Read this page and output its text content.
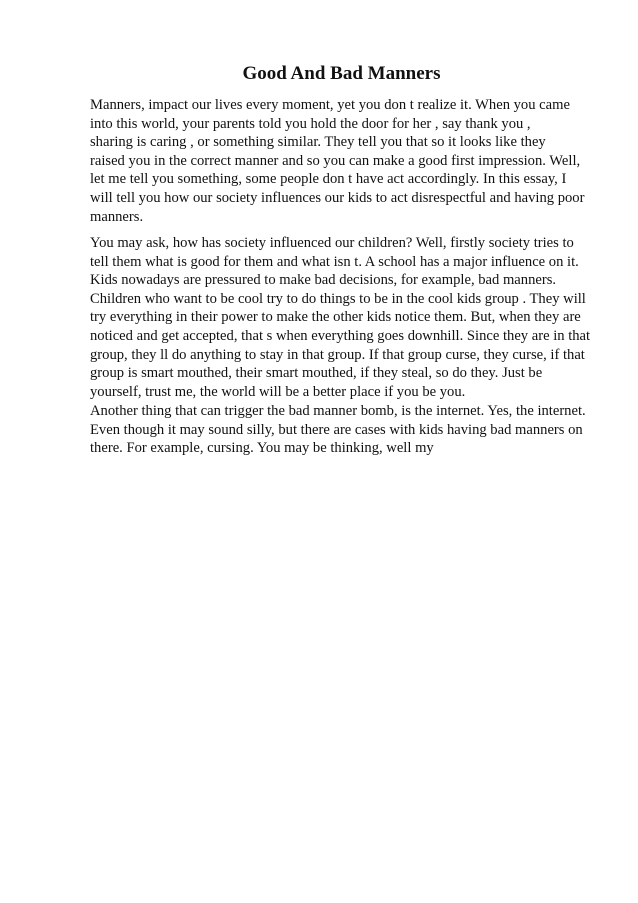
Good And Bad Manners
Manners, impact our lives every moment, yet you don t realize it. When you came
into this world, your parents told you hold the door for her , say thank you ,
sharing is caring , or something similar. They tell you that so it looks like they
raised you in the correct manner and so you can make a good first impression. Well,
let me tell you something, some people don t have act accordingly. In this essay, I
will tell you how our society influences our kids to act disrespectful and having poor
manners.
You may ask, how has society influenced our children? Well, firstly society tries to
tell them what is good for them and what isn t. A school has a major influence on it.
Kids nowadays are pressured to make bad decisions, for example, bad manners.
Children who want to be cool try to do things to be in the cool kids group . They will
try everything in their power to make the other kids notice them. But, when they are
noticed and get accepted, that s when everything goes downhill. Since they are in that
group, they ll do anything to stay in that group. If that group curse, they curse, if that
group is smart mouthed, their smart mouthed, if they steal, so do they. Just be
yourself, trust me, the world will be a better place if you be you.
Another thing that can trigger the bad manner bomb, is the internet. Yes, the internet.
Even though it may sound silly, but there are cases with kids having bad manners on
there. For example, cursing. You may be thinking, well my
